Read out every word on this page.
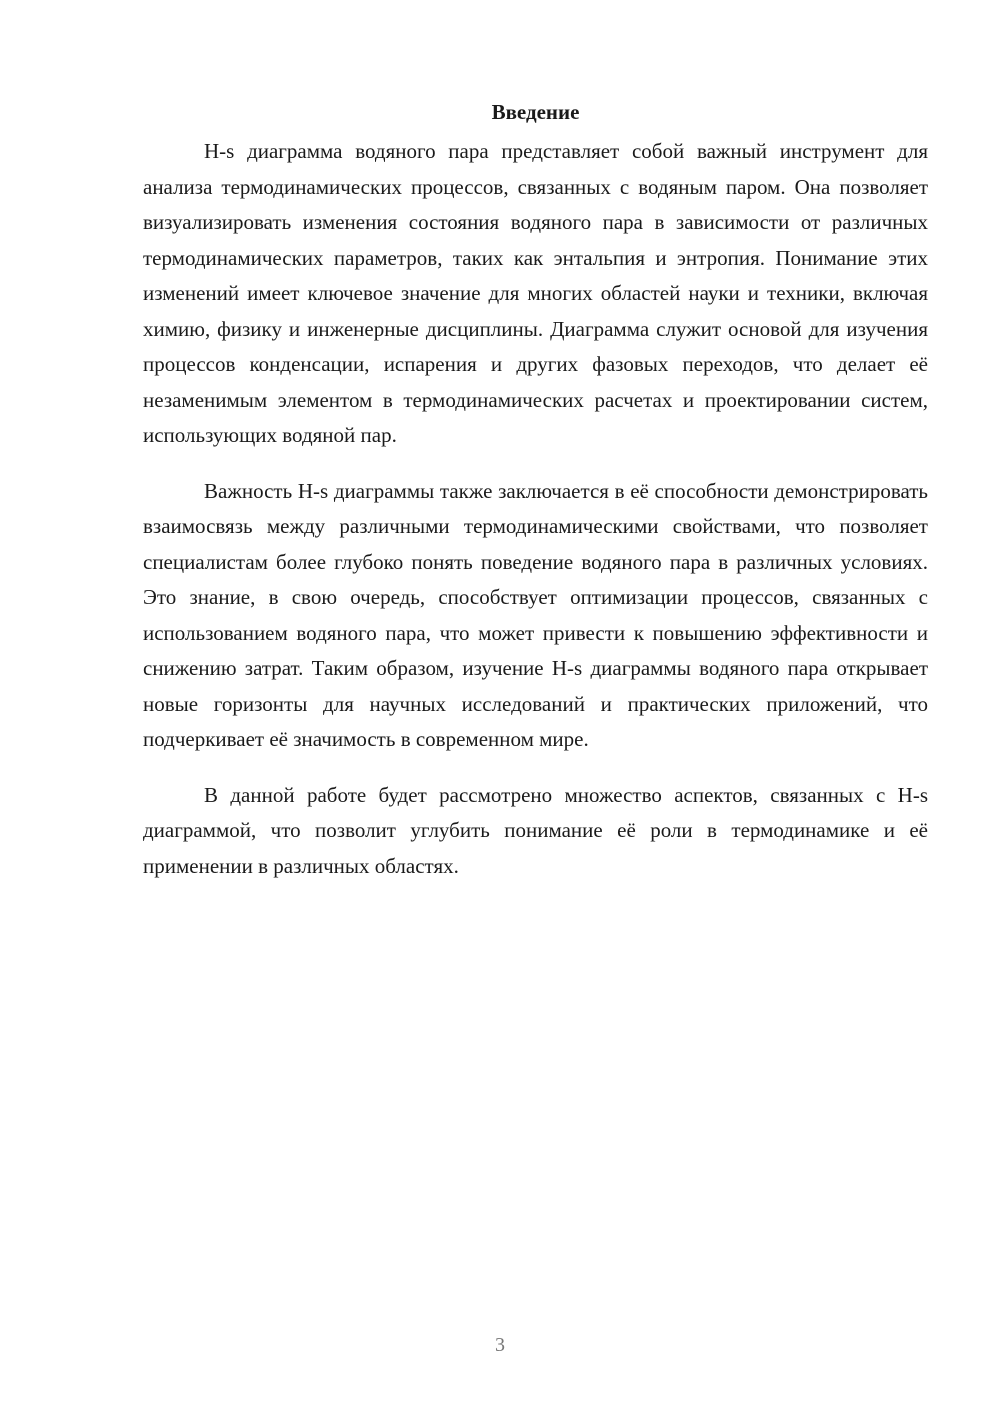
Введение

H-s диаграмма водяного пара представляет собой важный инструмент для анализа термодинамических процессов, связанных с водяным паром. Она позволяет визуализировать изменения состояния водяного пара в зависимости от различных термодинамических параметров, таких как энтальпия и энтропия. Понимание этих изменений имеет ключевое значение для многих областей науки и техники, включая химию, физику и инженерные дисциплины. Диаграмма служит основой для изучения процессов конденсации, испарения и других фазовых переходов, что делает её незаменимым элементом в термодинамических расчетах и проектировании систем, использующих водяной пар.

Важность H-s диаграммы также заключается в её способности демонстрировать взаимосвязь между различными термодинамическими свойствами, что позволяет специалистам более глубоко понять поведение водяного пара в различных условиях. Это знание, в свою очередь, способствует оптимизации процессов, связанных с использованием водяного пара, что может привести к повышению эффективности и снижению затрат. Таким образом, изучение H-s диаграммы водяного пара открывает новые горизонты для научных исследований и практических приложений, что подчеркивает её значимость в современном мире.

В данной работе будет рассмотрено множество аспектов, связанных с H-s диаграммой, что позволит углубить понимание её роли в термодинамике и её применении в различных областях.

3
